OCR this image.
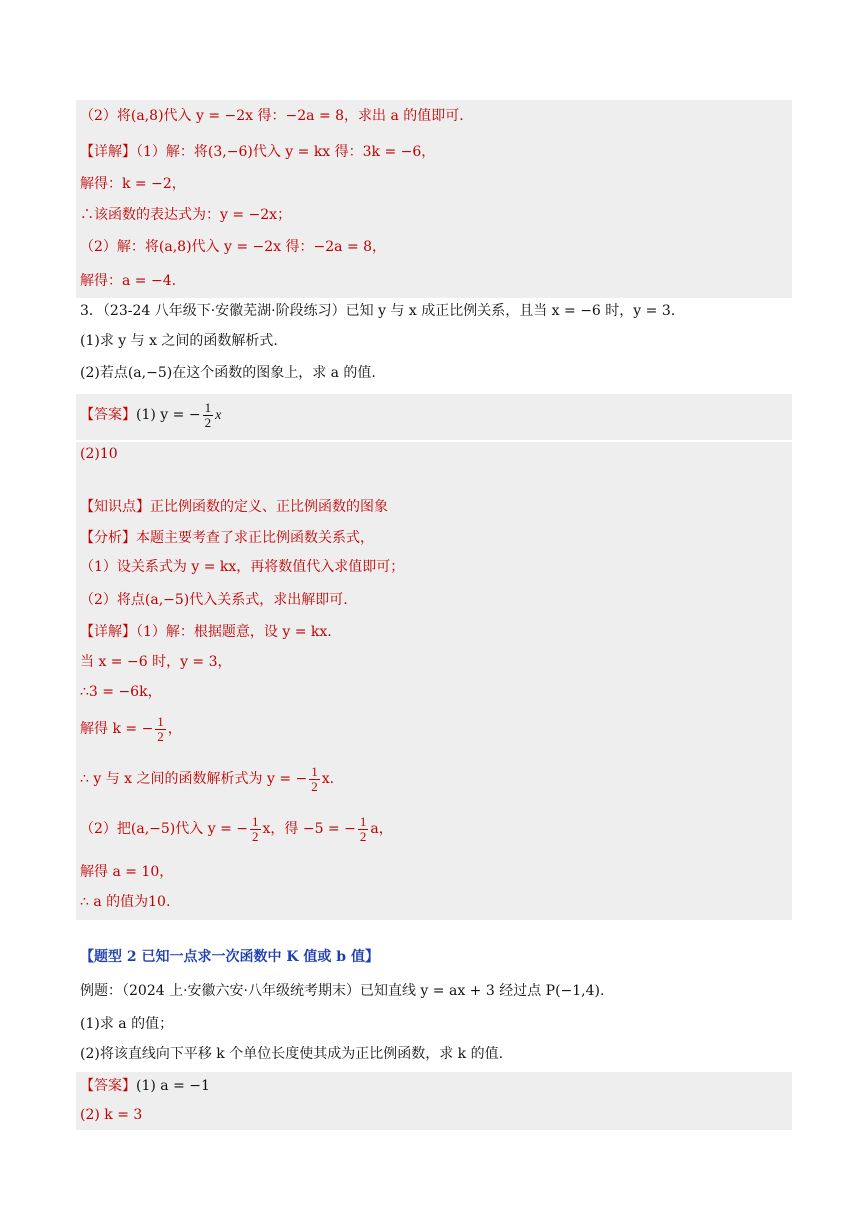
（2）将(a,8)代入 y = −2x 得：−2a = 8，求出 a 的值即可.
【详解】（1）解：将(3,−6)代入 y = kx 得：3k = −6，
解得：k = −2，
∴该函数的表达式为：y = −2x；
（2）解：将(a,8)代入 y = −2x 得：−2a = 8，
解得：a = −4.
3．（23-24 八年级下·安徽芜湖·阶段练习）已知 y 与 x 成正比例关系，且当 x = −6 时，y = 3.
(1)求 y 与 x 之间的函数解析式.
(2)若点(a,−5)在这个函数的图象上，求 a 的值.
【答案】(1) y = − $\frac{1}{2}$ x
(2)10
【知识点】正比例函数的定义、正比例函数的图象
【分析】本题主要考查了求正比例函数关系式，
（1）设关系式为 y = kx，再将数值代入求值即可；
（2）将点(a,−5)代入关系式，求出解即可.
【详解】（1）解：根据题意，设 y = kx.
当 x = −6 时，y = 3，
∴3 = −6k，
解得 k = − $\frac{1}{2}$ ，
∴ y 与 x 之间的函数解析式为 y = − $\frac{1}{2} x$.
（2）把(a,−5)代入 y = − $\frac{1}{2}$ x，得 −5 = − $\frac{1}{2}$ a，
解得 a = 10，
∴ a 的值为10.
【题型 2 已知一点求一次函数中 K 值或 b 值】
例题：（2024 上·安徽六安·八年级统考期末）已知直线 y = ax + 3 经过点 P(−1,4).
(1)求 a 的值；
(2)将该直线向下平移 k 个单位长度使其成为正比例函数，求 k 的值.
【答案】(1) a = −1
(2) k = 3
